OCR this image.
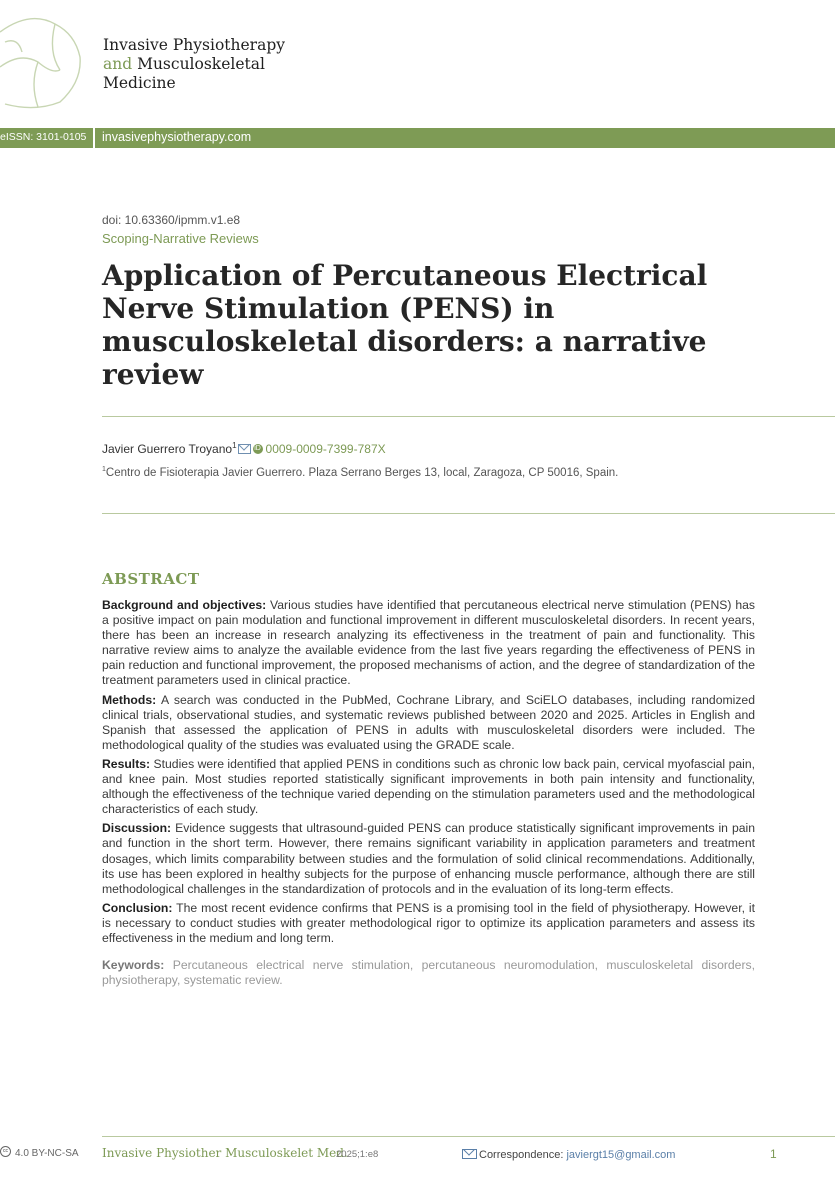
Invasive Physiotherapy
and Musculoskeletal
Medicine
eISSN: 3101-0105 invasivephysiotherapy.com
doi: 10.63360/ipmm.v1.e8
Scoping-Narrative Reviews
Application of Percutaneous Electrical Nerve Stimulation (PENS) in musculoskeletal disorders: a narrative review
Javier Guerrero Troyano$^1$	iD 0009-0009-7399-787X
$^1$Centro de Fisioterapia Javier Guerrero. Plaza Serrano Berges 13, local, Zaragoza, CP 50016, Spain.
ABSTRACT

Background and objectives: Various studies have identified that percutaneous electrical nerve stimulation (PENS) has a positive impact on pain modulation and functional improvement in different musculoskeletal disorders. In recent years, there has been an increase in research analyzing its effectiveness in the treatment of pain and functionality. This narrative review aims to analyze the available evidence from the last five years regarding the effectiveness of PENS in pain reduction and functional improvement, the proposed mechanisms of action, and the degree of standardization of the treatment parameters used in clinical practice.

Methods: A search was conducted in the PubMed, Cochrane Library, and SciELO databases, including randomized clinical trials, observational studies, and systematic reviews published between 2020 and 2025. Articles in English and Spanish that assessed the application of PENS in adults with musculoskeletal disorders were included. The methodological quality of the studies was evaluated using the GRADE scale.

Results: Studies were identified that applied PENS in conditions such as chronic low back pain, cervical myofascial pain, and knee pain. Most studies reported statistically significant improvements in both pain intensity and functionality, although the effectiveness of the technique varied depending on the stimulation parameters used and the methodological characteristics of each study.

Discussion: Evidence suggests that ultrasound-guided PENS can produce statistically significant improvements in pain and function in the short term. However, there remains significant variability in application parameters and treatment dosages, which limits comparability between studies and the formulation of solid clinical recommendations. Additionally, its use has been explored in healthy subjects for the purpose of enhancing muscle performance, although there are still methodological challenges in the standardization of protocols and in the evaluation of its long-term effects.

Conclusion: The most recent evidence confirms that PENS is a promising tool in the field of physiotherapy. However, it is necessary to conduct studies with greater methodological rigor to optimize its application parameters and assess its effectiveness in the medium and long term.

Keywords: Percutaneous electrical nerve stimulation, percutaneous neuromodulation, musculoskeletal disorders, physiotherapy, systematic review.

cc 4.0 BY-NC-SA Invasive Physiother Musculoskelet Med.
2025;1:e8	Correspondence: javiergt15@gmail.com	1
